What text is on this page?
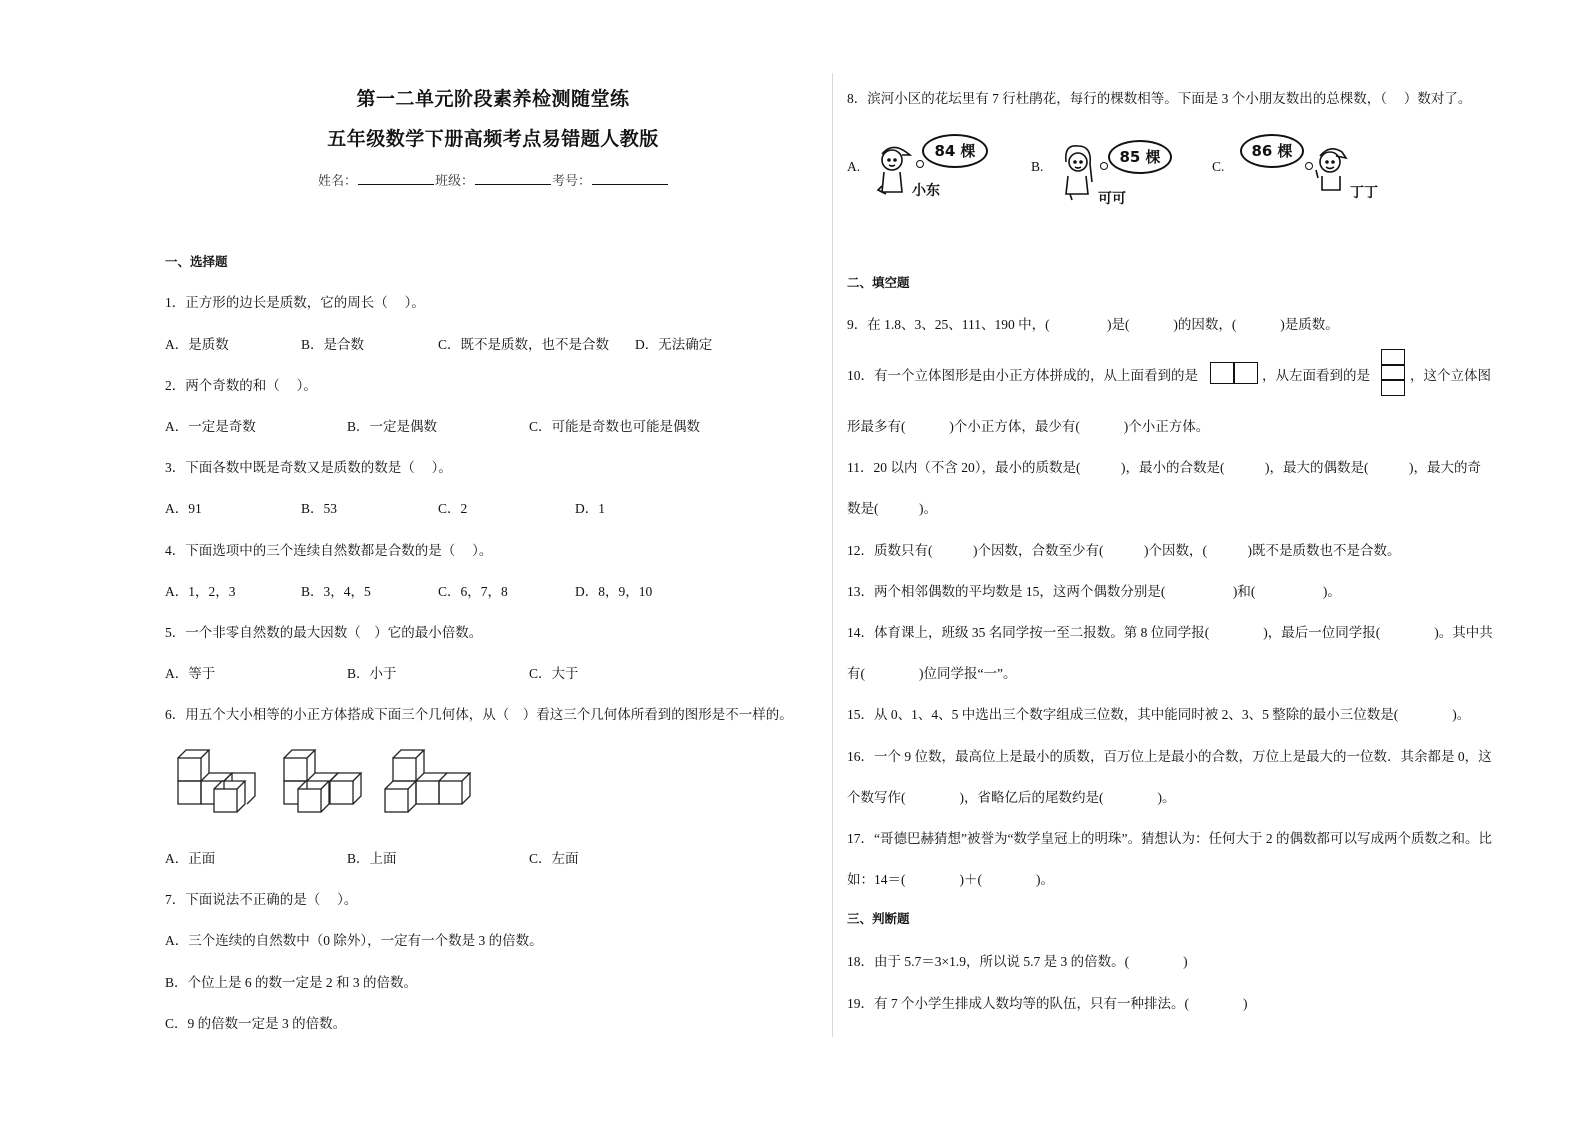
第一二单元阶段素养检测随堂练
五年级数学下册高频考点易错题人教版
姓名：	班级：	考号：
一、选择题
1．正方形的边长是质数，它的周长（　 ）。
A．是质数	B．是合数	C．既不是质数，也不是合数 D．无法确定
2．两个奇数的和（　 ）。
A．一定是奇数	B．一定是偶数	C．可能是奇数也可能是偶数
3．下面各数中既是奇数又是质数的数是（　 ）。
A．91	B．53	C．2	D．1
4．下面选项中的三个连续自然数都是合数的是（　 ）。
A．1，2，3	B．3，4，5	C．6，7，8	D．8，9，10
5．一个非零自然数的最大因数（　）它的最小倍数。
A．等于	B．小于	C．大于
6．用五个大小相等的小正方体搭成下面三个几何体，从（　）看这三个几何体所看到的图形是不一样的。
A．正面	B．上面	C．左面
7．下面说法不正确的是（　 ）。
A．三个连续的自然数中（0 除外），一定有一个数是 3 的倍数。
B．个位上是 6 的数一定是 2 和 3 的倍数。
C．9 的倍数一定是 3 的倍数。
8．滨河小区的花坛里有 7 行杜鹃花，每行的棵数相等。下面是 3 个小朋友数出的总棵数，（　 ）数对了。
A.
84 棵
小东
B.
85 棵
可可
C.
86 棵
丁丁
二、填空题
9．在 1.8、3、25、111、190 中，(　　　　 )是(　　　 )的因数，(　　　 )是质数。
10．有一个立体图形是由小正方体拼成的，从上面看到的是	，从左面看到的是	，这个立体图
形最多有(　　　 )个小正方体，最少有(　　　 )个小正方体。
11．20 以内（不含 20），最小的质数是(　　　)，最小的合数是(　　　)，最大的偶数是(　　　)，最大的奇
数是(　　　)。
12．质数只有(　　　)个因数，合数至少有(　　　)个因数，(　　　)既不是质数也不是合数。
13．两个相邻偶数的平均数是 15，这两个偶数分别是(　　　　　)和(　　　　　)。
14．体育课上，班级 35 名同学按一至二报数。第 8 位同学报(　　　　)，最后一位同学报(　　　　)。其中共
有(　　　　)位同学报“一”。
15．从 0、1、4、5 中选出三个数字组成三位数，其中能同时被 2、3、5 整除的最小三位数是(　　　　)。
16．一个 9 位数，最高位上是最小的质数，百万位上是最小的合数，万位上是最大的一位数．其余都是 0，这
个数写作(　　　　)，省略亿后的尾数约是(　　　　)。
17．“哥德巴赫猜想”被誉为“数学皇冠上的明珠”。猜想认为：任何大于 2 的偶数都可以写成两个质数之和。比
如：14＝(　　　　)＋(　　　　)。
三、判断题
18．由于 5.7＝3×1.9，所以说 5.7 是 3 的倍数。(　　　　)
19．有 7 个小学生排成人数均等的队伍，只有一种排法。(　　　　)
